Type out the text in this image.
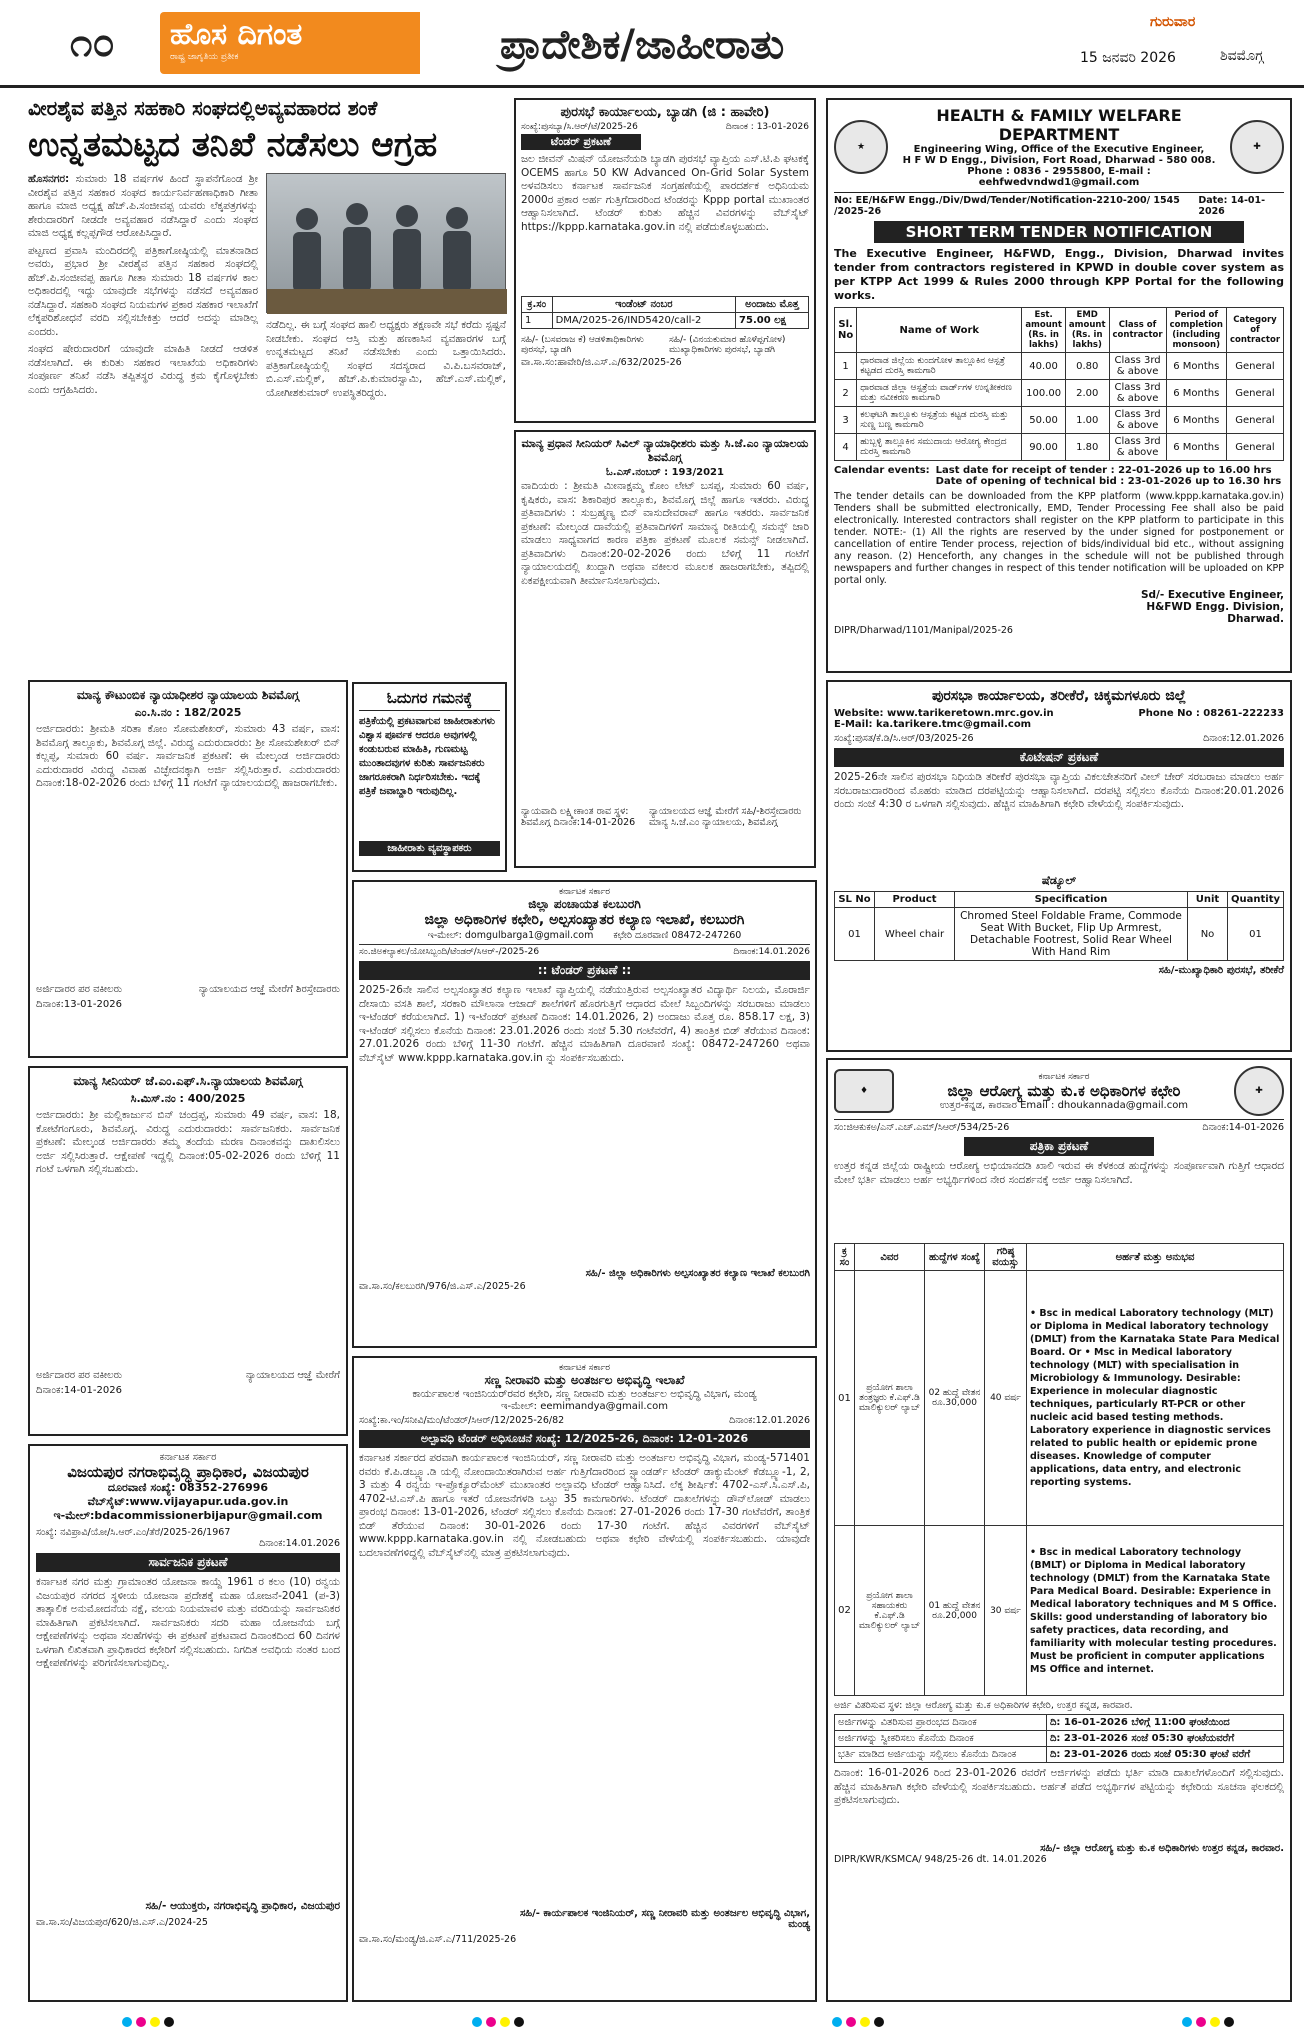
೧೦ ಹೊಸ ದಿಗಂತ
ರಾಷ್ಟ್ರ ಜಾಗೃತಿಯ ಪ್ರತೀಕ	ಪ್ರಾದೇಶಿಕ/ಜಾಹೀರಾತು	ಗುರುವಾರ
15 ಜನವರಿ 2026	ಶಿವಮೊಗ್ಗ
ವೀರಶೈವ ಪತ್ತಿನ ಸಹಕಾರಿ ಸಂಘದಲ್ಲಿಅವ್ಯವಹಾರದ ಶಂಕೆ
ಉನ್ನತಮಟ್ಟದ ತನಿಖೆ ನಡೆಸಲು ಆಗ್ರಹ
ಹೊಸನಗರ: ಸುಮಾರು 18 ವರ್ಷಗಳ ಹಿಂದೆ ಸ್ಥಾಪನೆಗೊಂಡ ಶ್ರೀ ವೀರಶೈವ ಪತ್ತಿನ ಸಹಕಾರ ಸಂಘದ ಕಾರ್ಯನಿರ್ವಹಣಾಧಿಕಾರಿ ಗೀತಾ ಹಾಗೂ ಮಾಜಿ ಅಧ್ಯಕ್ಷ ಹೆಚ್.ಪಿ.ಸಂಜೀವಪ್ಪ ಯವರು ಲೆಕ್ಕಪತ್ರಗಳನ್ನು ಶೇರುದಾರರಿಗೆ ನೀಡದೇ ಅವ್ಯವಹಾರ ನಡೆಸಿದ್ದಾರೆ ಎಂದು ಸಂಘದ ಮಾಜಿ ಅಧ್ಯಕ್ಷ ಕಲ್ಲಪ್ಪಗೌಡ ಆರೋಪಿಸಿದ್ದಾರೆ.

ಪಟ್ಟಣದ ಪ್ರವಾಸಿ ಮಂದಿರದಲ್ಲಿ ಪತ್ರಿಕಾಗೋಷ್ಠಿಯಲ್ಲಿ ಮಾತನಾಡಿದ ಅವರು, ಪ್ರಭಾರ ಶ್ರೀ ವೀರಶೈವ ಪತ್ತಿನ ಸಹಕಾರ ಸಂಘದಲ್ಲಿ ಹೆಚ್.ಪಿ.ಸಂಜೀವಪ್ಪ ಹಾಗೂ ಗೀತಾ ಸುಮಾರು 18 ವರ್ಷಗಳ ಕಾಲ ಅಧಿಕಾರದಲ್ಲಿ ಇದ್ದು ಯಾವುದೇ ಸಭೆಗಳನ್ನು ನಡೆಸದೆ ಅವ್ಯವಹಾರ ನಡೆಸಿದ್ದಾರೆ. ಸಹಕಾರಿ ಸಂಘದ ನಿಯಮಗಳ ಪ್ರಕಾರ ಸಹಕಾರ ಇಲಾಖೆಗೆ ಲೆಕ್ಕಪರಿಶೋಧನೆ ವರದಿ ಸಲ್ಲಿಸಬೇಕಿತ್ತು ಆದರೆ ಅದನ್ನು ಮಾಡಿಲ್ಲ ಎಂದರು.

ಸಂಘದ ಷೇರುದಾರರಿಗೆ ಯಾವುದೇ ಮಾಹಿತಿ ನೀಡದೆ ಆಡಳಿತ ನಡೆಸಲಾಗಿದೆ. ಈ ಕುರಿತು ಸಹಕಾರ ಇಲಾಖೆಯ ಅಧಿಕಾರಿಗಳು ಸಂಪೂರ್ಣ ತನಿಖೆ ನಡೆಸಿ ತಪ್ಪಿತಸ್ಥರ ವಿರುದ್ಧ ಕ್ರಮ ಕೈಗೊಳ್ಳಬೇಕು ಎಂದು ಆಗ್ರಹಿಸಿದರು.

ನಡೆದಿಲ್ಲ. ಈ ಬಗ್ಗೆ ಸಂಘದ ಹಾಲಿ ಅಧ್ಯಕ್ಷರು ತಕ್ಷಣವೇ ಸಭೆ ಕರೆದು ಸ್ಪಷ್ಟನೆ ನೀಡಬೇಕು. ಸಂಘದ ಆಸ್ತಿ ಮತ್ತು ಹಣಕಾಸಿನ ವ್ಯವಹಾರಗಳ ಬಗ್ಗೆ ಉನ್ನತಮಟ್ಟದ ತನಿಖೆ ನಡೆಸಬೇಕು ಎಂದು ಒತ್ತಾಯಿಸಿದರು. ಪತ್ರಿಕಾಗೋಷ್ಠಿಯಲ್ಲಿ ಸಂಘದ ಸದಸ್ಯರಾದ ವಿ.ಪಿ.ಬಸವರಾಜ್, ಬಿ.ಎಸ್.ಮಲ್ಲಿಕ್, ಹೆಚ್.ಪಿ.ಕುಮಾರಸ್ವಾಮಿ, ಹೆಚ್.ಎಸ್.ಮಲ್ಲಿಕ್, ಯೋಗೀಶಕುಮಾರ್ ಉಪಸ್ಥಿತರಿದ್ದರು.
ಮಾನ್ಯ ಕೌಟುಂಬಿಕ ನ್ಯಾಯಾಧೀಶರ ನ್ಯಾಯಾಲಯ ಶಿವಮೊಗ್ಗ
ಎಂ.ಸಿ.ನಂ : 182/2025
ಅರ್ಜಿದಾರರು: ಶ್ರೀಮತಿ ಸರಿತಾ ಕೋಂ ಸೋಮಶೇಖರ್, ಸುಮಾರು 43 ವರ್ಷ, ವಾಸ: ಶಿವಮೊಗ್ಗ ತಾಲ್ಲೂಕು, ಶಿವಮೊಗ್ಗ ಜಿಲ್ಲೆ. ವಿರುದ್ಧ ಎದುರುದಾರರು: ಶ್ರೀ ಸೋಮಶೇಖರ್ ಬಿನ್ ಕಲ್ಲಪ್ಪ, ಸುಮಾರು 60 ವರ್ಷ. ಸಾರ್ವಜನಿಕ ಪ್ರಕಟಣೆ: ಈ ಮೇಲ್ಕಂಡ ಅರ್ಜಿದಾರರು ಎದುರುದಾರರ ವಿರುದ್ಧ ವಿವಾಹ ವಿಚ್ಛೇದನಕ್ಕಾಗಿ ಅರ್ಜಿ ಸಲ್ಲಿಸಿರುತ್ತಾರೆ. ಎದುರುದಾರರು ದಿನಾಂಕ:18-02-2026 ರಂದು ಬೆಳಿಗ್ಗೆ 11 ಗಂಟೆಗೆ ನ್ಯಾಯಾಲಯದಲ್ಲಿ ಹಾಜರಾಗಬೇಕು.
ಅರ್ಜಿದಾರರ ಪರ ವಕೀಲರು	ನ್ಯಾಯಾಲಯದ ಆಜ್ಞೆ ಮೇರೆಗೆ ಶಿರಸ್ತೇದಾರರು
ದಿನಾಂಕ:13-01-2026
ಮಾನ್ಯ ಸೀನಿಯರ್ ಜೆ.ಎಂ.ಎಫ್.ಸಿ.ನ್ಯಾಯಾಲಯ ಶಿವಮೊಗ್ಗ
ಸಿ.ಮಿಸ್.ನಂ : 400/2025
ಅರ್ಜಿದಾರರು: ಶ್ರೀ ಮಲ್ಲಿಕಾರ್ಜುನ ಬಿನ್ ಚಂದ್ರಪ್ಪ, ಸುಮಾರು 49 ವರ್ಷ, ವಾಸ: 18, ಕೋಟೆಗಂಗೂರು, ಶಿವಮೊಗ್ಗ. ವಿರುದ್ಧ ಎದುರುದಾರರು: ಸಾರ್ವಜನಿಕರು. ಸಾರ್ವಜನಿಕ ಪ್ರಕಟಣೆ: ಮೇಲ್ಕಂಡ ಅರ್ಜಿದಾರರು ತಮ್ಮ ತಂದೆಯ ಮರಣ ದಿನಾಂಕವನ್ನು ದಾಖಲಿಸಲು ಅರ್ಜಿ ಸಲ್ಲಿಸಿರುತ್ತಾರೆ. ಆಕ್ಷೇಪಣೆ ಇದ್ದಲ್ಲಿ ದಿನಾಂಕ:05-02-2026 ರಂದು ಬೆಳಿಗ್ಗೆ 11 ಗಂಟೆ ಒಳಗಾಗಿ ಸಲ್ಲಿಸಬಹುದು.
ಅರ್ಜಿದಾರರ ಪರ ವಕೀಲರು	ನ್ಯಾಯಾಲಯದ ಆಜ್ಞೆ ಮೇರೆಗೆ
ದಿನಾಂಕ:14-01-2026
ಕರ್ನಾಟಕ ಸರ್ಕಾರ
ವಿಜಯಪುರ ನಗರಾಭಿವೃದ್ಧಿ ಪ್ರಾಧಿಕಾರ, ವಿಜಯಪುರ
ದೂರವಾಣಿ ಸಂಖ್ಯೆ: 08352-276996
ವೆಬ್‌ಸೈಟ್:www.vijayapur.uda.gov.in
ಇ-ಮೇಲ್:bdacommissionerbijapur@gmail.com
ಸಂಖ್ಯೆ: ನವಿಪ್ರಾವಿ/ಯೋ/ಸಿ.ಆರ್.ಎಂ/ತೆರೆ/2025-26/1967
ದಿನಾಂಕ:14.01.2026
ಸಾರ್ವಜನಿಕ ಪ್ರಕಟಣೆ
ಕರ್ನಾಟಕ ನಗರ ಮತ್ತು ಗ್ರಾಮಾಂತರ ಯೋಜನಾ ಕಾಯ್ದೆ 1961 ರ ಕಲಂ (10) ರನ್ವಯ ವಿಜಯಪುರ ನಗರದ ಸ್ಥಳೀಯ ಯೋಜನಾ ಪ್ರದೇಶಕ್ಕೆ ಮಹಾ ಯೋಜನೆ-2041 (ಪ-3) ತಾತ್ಕಾಲಿಕ ಅನುಮೋದನೆಯ ನಕ್ಷೆ, ವಲಯ ನಿಯಮಾವಳಿ ಮತ್ತು ವರದಿಯನ್ನು ಸಾರ್ವಜನಿಕರ ಮಾಹಿತಿಗಾಗಿ ಪ್ರಕಟಿಸಲಾಗಿದೆ. ಸಾರ್ವಜನಿಕರು ಸದರಿ ಮಹಾ ಯೋಜನೆಯ ಬಗ್ಗೆ ಆಕ್ಷೇಪಣೆಗಳನ್ನು ಅಥವಾ ಸಲಹೆಗಳನ್ನು ಈ ಪ್ರಕಟಣೆ ಪ್ರಕಟವಾದ ದಿನಾಂಕದಿಂದ 60 ದಿನಗಳ ಒಳಗಾಗಿ ಲಿಖಿತವಾಗಿ ಪ್ರಾಧಿಕಾರದ ಕಛೇರಿಗೆ ಸಲ್ಲಿಸಬಹುದು. ನಿಗದಿತ ಅವಧಿಯ ನಂತರ ಬಂದ ಆಕ್ಷೇಪಣೆಗಳನ್ನು ಪರಿಗಣಿಸಲಾಗುವುದಿಲ್ಲ.
ಸಹಿ/- ಆಯುಕ್ತರು, ನಗರಾಭಿವೃದ್ಧಿ ಪ್ರಾಧಿಕಾರ, ವಿಜಯಪುರ
ವಾ.ಸಾ.ಸಂ/ವಿಜಯಪುರ/620/ಜಿ.ಎಸ್.ಎ/2024-25
ಪುರಸಭೆ ಕಾರ್ಯಾಲಯ, ಬ್ಯಾಡಗಿ (ಜಿ : ಹಾವೇರಿ)
ಸಂಖ್ಯೆ:ಪುಸಬ್ಯಾ/ಸಿ.ಆರ್/ಟೆ/2025-26	ದಿನಾಂಕ : 13-01-2026
ಟೆಂಡರ್ ಪ್ರಕಟಣೆ
ಜಲ ಜೀವನ್ ಮಿಷನ್ ಯೋಜನೆಯಡಿ ಬ್ಯಾಡಗಿ ಪುರಸಭೆ ವ್ಯಾಪ್ತಿಯ ಎಸ್.ಟಿ.ಪಿ ಘಟಕಕ್ಕೆ OCEMS ಹಾಗೂ 50 KW Advanced On-Grid Solar System ಅಳವಡಿಸಲು ಕರ್ನಾಟಕ ಸಾರ್ವಜನಿಕ ಸಂಗ್ರಹಣೆಯಲ್ಲಿ ಪಾರದರ್ಶಕ ಅಧಿನಿಯಮ 2000ರ ಪ್ರಕಾರ ಅರ್ಹ ಗುತ್ತಿಗೆದಾರರಿಂದ ಟೆಂಡರನ್ನು Kppp portal ಮುಖಾಂತರ ಆಹ್ವಾನಿಸಲಾಗಿದೆ. ಟೆಂಡರ್ ಕುರಿತು ಹೆಚ್ಚಿನ ವಿವರಗಳನ್ನು ವೆಬ್‌ಸೈಟ್ https://kppp.karnataka.gov.in ನಲ್ಲಿ ಪಡೆದುಕೊಳ್ಳಬಹುದು.
ಕ್ರ.ಸಂ	ಇಂಡೆಂಟ್ ನಂಬರ	ಅಂದಾಜು ಮೊತ್ತ
1	DMA/2025-26/IND5420/call-2	75.00 ಲಕ್ಷ
ಸಹಿ/- (ಬಸವರಾಜ ಕೆ) ಆಡಳಿತಾಧಿಕಾರಿಗಳು ಪುರಸಭೆ, ಬ್ಯಾಡಗಿ
ಸಹಿ/- (ವಿನಯಕುಮಾರ ಹೊಳೆಪ್ಪಗೋಳ) ಮುಖ್ಯಾಧಿಕಾರಿಗಳು ಪುರಸಭೆ, ಬ್ಯಾಡಗಿ
ವಾ.ಸಾ.ಸಂ:ಹಾವೇರಿ/ಜಿ.ಎಸ್.ಎ/632/2025-26
ಮಾನ್ಯ ಪ್ರಧಾನ ಸೀನಿಯರ್ ಸಿವಿಲ್ ನ್ಯಾಯಾಧೀಶರು ಮತ್ತು ಸಿ.ಜೆ.ಎಂ ನ್ಯಾಯಾಲಯ ಶಿವಮೊಗ್ಗ
ಓ.ಎಸ್.ನಂಬರ್ : 193/2021
ವಾದಿಯರು : ಶ್ರೀಮತಿ ಮೀನಾಕ್ಷಮ್ಮ ಕೋಂ ಲೇಟ್ ಬಸಪ್ಪ, ಸುಮಾರು 60 ವರ್ಷ, ಕೃಷಿಕರು, ವಾಸ: ಶಿಕಾರಿಪುರ ತಾಲ್ಲೂಕು, ಶಿವಮೊಗ್ಗ ಜಿಲ್ಲೆ ಹಾಗೂ ಇತರರು. ವಿರುದ್ಧ ಪ್ರತಿವಾದಿಗಳು : ಸುಬ್ರಹ್ಮಣ್ಯ ಬಿನ್ ವಾಸುದೇವರಾವ್ ಹಾಗೂ ಇತರರು. ಸಾರ್ವಜನಿಕ ಪ್ರಕಟಣೆ: ಮೇಲ್ಕಂಡ ದಾವೆಯಲ್ಲಿ ಪ್ರತಿವಾದಿಗಳಿಗೆ ಸಾಮಾನ್ಯ ರೀತಿಯಲ್ಲಿ ಸಮನ್ಸ್ ಜಾರಿ ಮಾಡಲು ಸಾಧ್ಯವಾಗದ ಕಾರಣ ಪತ್ರಿಕಾ ಪ್ರಕಟಣೆ ಮೂಲಕ ಸಮನ್ಸ್ ನೀಡಲಾಗಿದೆ. ಪ್ರತಿವಾದಿಗಳು ದಿನಾಂಕ:20-02-2026 ರಂದು ಬೆಳಿಗ್ಗೆ 11 ಗಂಟೆಗೆ ನ್ಯಾಯಾಲಯದಲ್ಲಿ ಖುದ್ದಾಗಿ ಅಥವಾ ವಕೀಲರ ಮೂಲಕ ಹಾಜರಾಗಬೇಕು, ತಪ್ಪಿದಲ್ಲಿ ಏಕಪಕ್ಷೀಯವಾಗಿ ತೀರ್ಮಾನಿಸಲಾಗುವುದು.
ನ್ಯಾಯವಾದಿ ಲಕ್ಷ್ಮೀಕಾಂತ ರಾವ ಸ್ಥಳ: ಶಿವಮೊಗ್ಗ ದಿನಾಂಕ:14-01-2026
ನ್ಯಾಯಾಲಯದ ಆಜ್ಞೆ ಮೇರೆಗೆ ಸಹಿ/-ಶಿರಸ್ತೇದಾರರು ಮಾನ್ಯ ಸಿ.ಜೆ.ಎಂ ನ್ಯಾಯಾಲಯ, ಶಿವಮೊಗ್ಗ
ಓದುಗರ ಗಮನಕ್ಕೆ
ಪತ್ರಿಕೆಯಲ್ಲಿ ಪ್ರಕಟವಾಗುವ ಜಾಹೀರಾತುಗಳು ವಿಶ್ವಾಸ ಪೂರ್ವಕ ಆದರೂ ಅವುಗಳಲ್ಲಿ ಕಂಡುಬರುವ ಮಾಹಿತಿ, ಗುಣಮಟ್ಟ ಮುಂತಾದವುಗಳ ಕುರಿತು ಸಾರ್ವಜನಿಕರು ಜಾಗರೂಕರಾಗಿ ನಿರ್ಧರಿಸಬೇಕು. ಇದಕ್ಕೆ ಪತ್ರಿಕೆ ಜವಾಬ್ದಾರಿ ಇರುವುದಿಲ್ಲ.
ಜಾಹೀರಾತು ವ್ಯವಸ್ಥಾಪಕರು
ಕರ್ನಾಟಕ ಸರ್ಕಾರ
ಜಿಲ್ಲಾ ಪಂಚಾಯತ ಕಲಬುರಗಿ
ಜಿಲ್ಲಾ ಅಧಿಕಾರಿಗಳ ಕಛೇರಿ, ಅಲ್ಪಸಂಖ್ಯಾತರ ಕಲ್ಯಾಣ ಇಲಾಖೆ, ಕಲಬುರಗಿ
ಇ-ಮೇಲ್: domgulbarga1@gmail.com ಕಛೇರಿ ದೂರವಾಣಿ 08472-247260
ಸಂ.ಜಿಅಕಲ್ಯಾಕಲ/ಯೋಸಿಬ್ಬಂದಿ/ಟೆಂಡರ್/ಸಿಆರ್-/2025-26	ದಿನಾಂಕ:14.01.2026
:: ಟೆಂಡರ್ ಪ್ರಕಟಣೆ ::
2025-26ನೇ ಸಾಲಿನ ಅಲ್ಪಸಂಖ್ಯಾತರ ಕಲ್ಯಾಣ ಇಲಾಖೆ ವ್ಯಾಪ್ತಿಯಲ್ಲಿ ನಡೆಯುತ್ತಿರುವ ಅಲ್ಪಸಂಖ್ಯಾತರ ವಿದ್ಯಾರ್ಥಿ ನಿಲಯ, ಮೊರಾರ್ಜಿ ದೇಸಾಯಿ ವಸತಿ ಶಾಲೆ, ಸರಕಾರಿ ಮೌಲಾನಾ ಆಜಾದ್ ಶಾಲೆಗಳಿಗೆ ಹೊರಗುತ್ತಿಗೆ ಆಧಾರದ ಮೇಲೆ ಸಿಬ್ಬಂದಿಗಳನ್ನು ಸರಬರಾಜು ಮಾಡಲು ಇ-ಟೆಂಡರ್ ಕರೆಯಲಾಗಿದೆ. 1) ಇ-ಟೆಂಡರ್ ಪ್ರಕಟಣೆ ದಿನಾಂಕ: 14.01.2026, 2) ಅಂದಾಜು ಮೊತ್ತ ರೂ. 858.17 ಲಕ್ಷ, 3) ಇ-ಟೆಂಡರ್ ಸಲ್ಲಿಸಲು ಕೊನೆಯ ದಿನಾಂಕ: 23.01.2026 ರಂದು ಸಂಜೆ 5.30 ಗಂಟೆವರೆಗೆ, 4) ತಾಂತ್ರಿಕ ಬಿಡ್ ತೆರೆಯುವ ದಿನಾಂಕ: 27.01.2026 ರಂದು ಬೆಳಿಗ್ಗೆ 11-30 ಗಂಟೆಗೆ. ಹೆಚ್ಚಿನ ಮಾಹಿತಿಗಾಗಿ ದೂರವಾಣಿ ಸಂಖ್ಯೆ: 08472-247260 ಅಥವಾ ವೆಬ್‌ಸೈಟ್ www.kppp.karnataka.gov.in ನ್ನು ಸಂಪರ್ಕಿಸಬಹುದು.
ಸಹಿ/- ಜಿಲ್ಲಾ ಅಧಿಕಾರಿಗಳು ಅಲ್ಪಸಂಖ್ಯಾತರ ಕಲ್ಯಾಣ ಇಲಾಖೆ ಕಲಬುರಗಿ
ವಾ.ಸಾ.ಸಂ/ಕಲಬುರಗಿ/976/ಜಿ.ಎಸ್.ಎ/2025-26
ಕರ್ನಾಟಕ ಸರ್ಕಾರ
ಸಣ್ಣ ನೀರಾವರಿ ಮತ್ತು ಅಂತರ್ಜಲ ಅಭಿವೃದ್ಧಿ ಇಲಾಖೆ
ಕಾರ್ಯಪಾಲಕ ಇಂಜಿನಿಯರ್‌ರವರ ಕಛೇರಿ, ಸಣ್ಣ ನೀರಾವರಿ ಮತ್ತು ಅಂತರ್ಜಲ ಅಭಿವೃದ್ಧಿ ವಿಭಾಗ, ಮಂಡ್ಯ
ಇ-ಮೇಲ್: eemimandya@gmail.com
ಸಂಖ್ಯೆ:ಕಾ.ಇಂ/ಸನೀವಿ/ಮಂ/ಟೆಂಡರ್/ಸಿಆರ್/12/2025-26/82	ದಿನಾಂಕ:12.01.2026
ಅಲ್ಪಾವಧಿ ಟೆಂಡರ್ ಅಧಿಸೂಚನೆ ಸಂಖ್ಯೆ: 12/2025-26, ದಿನಾಂಕ: 12-01-2026
ಕರ್ನಾಟಕ ಸರ್ಕಾರದ ಪರವಾಗಿ ಕಾರ್ಯಪಾಲಕ ಇಂಜಿನಿಯರ್, ಸಣ್ಣ ನೀರಾವರಿ ಮತ್ತು ಅಂತರ್ಜಲ ಅಭಿವೃದ್ಧಿ ವಿಭಾಗ, ಮಂಡ್ಯ-571401 ರವರು ಕೆ.ಪಿ.ಡಬ್ಲ್ಯೂ.ಡಿ ಯಲ್ಲಿ ನೋಂದಾಯಿತರಾಗಿರುವ ಅರ್ಹ ಗುತ್ತಿಗೆದಾರರಿಂದ ಸ್ಟ್ಯಾಂಡರ್ಡ್ ಟೆಂಡರ್ ಡಾಕ್ಯುಮೆಂಟ್ ಕೆಡಬ್ಲ್ಯೂ-1, 2, 3 ಮತ್ತು 4 ರನ್ವಯ ಇ-ಪ್ರೊಕ್ಯೂರ್‌ಮೆಂಟ್ ಮುಖಾಂತರ ಅಲ್ಪಾವಧಿ ಟೆಂಡರ್ ಆಹ್ವಾನಿಸಿದೆ. ಲೆಕ್ಕ ಶೀರ್ಷಿಕೆ: 4702-ಎಸ್.ಸಿ.ಎಸ್.ಪಿ, 4702-ಟಿ.ಎಸ್.ಪಿ ಹಾಗೂ ಇತರೆ ಯೋಜನೆಗಳಡಿ ಒಟ್ಟು 35 ಕಾಮಗಾರಿಗಳು. ಟೆಂಡರ್ ದಾಖಲೆಗಳನ್ನು ಡೌನ್‌ಲೋಡ್ ಮಾಡಲು ಪ್ರಾರಂಭ ದಿನಾಂಕ: 13-01-2026, ಟೆಂಡರ್ ಸಲ್ಲಿಸಲು ಕೊನೆಯ ದಿನಾಂಕ: 27-01-2026 ರಂದು 17-30 ಗಂಟೆವರೆಗೆ, ತಾಂತ್ರಿಕ ಬಿಡ್ ತೆರೆಯುವ ದಿನಾಂಕ: 30-01-2026 ರಂದು 17-30 ಗಂಟೆಗೆ. ಹೆಚ್ಚಿನ ವಿವರಗಳಿಗೆ ವೆಬ್‌ಸೈಟ್ www.kppp.karnataka.gov.in ನಲ್ಲಿ ನೋಡಬಹುದು ಅಥವಾ ಕಛೇರಿ ವೇಳೆಯಲ್ಲಿ ಸಂಪರ್ಕಿಸಬಹುದು. ಯಾವುದೇ ಬದಲಾವಣೆಗಳಿದ್ದಲ್ಲಿ ವೆಬ್‌ಸೈಟ್‌ನಲ್ಲಿ ಮಾತ್ರ ಪ್ರಕಟಿಸಲಾಗುವುದು.
ಸಹಿ/- ಕಾರ್ಯಪಾಲಕ ಇಂಜಿನಿಯರ್, ಸಣ್ಣ ನೀರಾವರಿ ಮತ್ತು ಅಂತರ್ಜಲ ಅಭಿವೃದ್ಧಿ ವಿಭಾಗ, ಮಂಡ್ಯ
ವಾ.ಸಾ.ಸಂ/ಮಂಡ್ಯ/ಜಿ.ಎಸ್.ಎ/711/2025-26
★
HEALTH & FAMILY WELFARE DEPARTMENT
Engineering Wing, Office of the Executive Engineer,
H F W D Engg., Division, Fort Road, Dharwad - 580 008.
Phone : 0836 - 2955800, E-mail : eehfwedvndwd1@gmail.com
✚
No: EE/H&FW Engg./Div/Dwd/Tender/Notification-2210-200/ 1545 /2025-26
Date: 14-01-2026
SHORT TERM TENDER NOTIFICATION
The Executive Engineer, H&FWD, Engg., Division, Dharwad invites tender from contractors registered in KPWD in double cover system as per KTPP Act 1999 & Rules 2000 through KPP Portal for the following works.
Sl. No	Name of Work	Est. amount (Rs. in lakhs)	EMD amount (Rs. in lakhs)	Class of contractor	Period of completion (including monsoon)	Category of contractor
1	ಧಾರವಾಡ ಜಿಲ್ಲೆಯ ಕುಂದಗೋಳ ತಾಲ್ಲೂಕಿನ ಆಸ್ಪತ್ರೆ ಕಟ್ಟಡದ ದುರಸ್ತಿ ಕಾಮಗಾರಿ	40.00	0.80	Class 3rd & above	6 Months	General
2	ಧಾರವಾಡ ಜಿಲ್ಲಾ ಆಸ್ಪತ್ರೆಯ ವಾರ್ಡ್‌ಗಳ ಉನ್ನತೀಕರಣ ಮತ್ತು ನವೀಕರಣ ಕಾಮಗಾರಿ	100.00	2.00	Class 3rd & above	6 Months	General
3	ಕಲಘಟಗಿ ತಾಲ್ಲೂಕು ಆಸ್ಪತ್ರೆಯ ಕಟ್ಟಡ ದುರಸ್ತಿ ಮತ್ತು ಸುಣ್ಣ ಬಣ್ಣ ಕಾಮಗಾರಿ	50.00	1.00	Class 3rd & above	6 Months	General
4	ಹುಬ್ಬಳ್ಳಿ ತಾಲ್ಲೂಕಿನ ಸಮುದಾಯ ಆರೋಗ್ಯ ಕೇಂದ್ರದ ದುರಸ್ತಿ ಕಾಮಗಾರಿ	90.00	1.80	Class 3rd & above	6 Months	General
Calendar events: Last date for receipt of tender : 22-01-2026 up to 16.00 hrs
Date of opening of technical bid : 23-01-2026 up to 16.30 hrs
The tender details can be downloaded from the KPP platform (www.kppp.karnataka.gov.in) Tenders shall be submitted electronically, EMD, Tender Processing Fee shall also be paid electronically. Interested contractors shall register on the KPP platform to participate in this tender. NOTE:- (1) All the rights are reserved by the under signed for postponement or cancellation of entire Tender process, rejection of bids/individual bid etc., without assigning any reason. (2) Henceforth, any changes in the schedule will not be published through newspapers and further changes in respect of this tender notification will be uploaded on KPP portal only.
Sd/- Executive Engineer, H&FWD Engg. Division, Dharwad.
DIPR/Dharwad/1101/Manipal/2025-26
ಪುರಸಭಾ ಕಾರ್ಯಾಲಯ, ತರೀಕೆರೆ, ಚಿಕ್ಕಮಗಳೂರು ಜಿಲ್ಲೆ
Website: www.tarikeretown.mrc.gov.in	Phone No : 08261-222233
E-Mail: ka.tarikere.tmc@gmail.com
ಸಂಖ್ಯೆ:ಪುಸತ/ಕೆ.ಡಿ/ಸಿ.ಆರ್/03/2025-26	ದಿನಾಂಕ:12.01.2026
ಕೊಟೇಷನ್ ಪ್ರಕಟಣೆ
2025-26ನೇ ಸಾಲಿನ ಪುರಸಭಾ ನಿಧಿಯಡಿ ತರೀಕೆರೆ ಪುರಸಭಾ ವ್ಯಾಪ್ತಿಯ ವಿಕಲಚೇತನರಿಗೆ ವೀಲ್ ಚೇರ್ ಸರಬರಾಜು ಮಾಡಲು ಅರ್ಹ ಸರಬರಾಜುದಾರರಿಂದ ಮೊಹರು ಮಾಡಿದ ದರಪಟ್ಟಿಯನ್ನು ಆಹ್ವಾನಿಸಲಾಗಿದೆ. ದರಪಟ್ಟಿ ಸಲ್ಲಿಸಲು ಕೊನೆಯ ದಿನಾಂಕ:20.01.2026 ರಂದು ಸಂಜೆ 4:30 ರ ಒಳಗಾಗಿ ಸಲ್ಲಿಸುವುದು. ಹೆಚ್ಚಿನ ಮಾಹಿತಿಗಾಗಿ ಕಛೇರಿ ವೇಳೆಯಲ್ಲಿ ಸಂಪರ್ಕಿಸುವುದು.
ಷೆಡ್ಯೂಲ್
SL No	Product	Specification	Unit	Quantity
01	Wheel chair	Chromed Steel Foldable Frame, Commode Seat With Bucket, Flip Up Armrest, Detachable Footrest, Solid Rear Wheel With Hand Rim	No	01
ಸಹಿ/-ಮುಖ್ಯಾಧಿಕಾರಿ ಪುರಸಭೆ, ತರೀಕೆರೆ
♦
ಕರ್ನಾಟಕ ಸರ್ಕಾರ
ಜಿಲ್ಲಾ ಆರೋಗ್ಯ ಮತ್ತು ಕು.ಕ ಅಧಿಕಾರಿಗಳ ಕಛೇರಿ
ಉತ್ತರ-ಕನ್ನಡ, ಕಾರವಾರ Email : dhoukannada@gmail.com
✚
ಸಂ:ಜಿಆಕುಕಅ/ಎನ್.ಎಚ್.ಎಮ್/ಸಿಆರ್/534/25-26	ದಿನಾಂಕ:14-01-2026
ಪತ್ರಿಕಾ ಪ್ರಕಟಣೆ
ಉತ್ತರ ಕನ್ನಡ ಜಿಲ್ಲೆಯ ರಾಷ್ಟ್ರೀಯ ಆರೋಗ್ಯ ಅಭಿಯಾನದಡಿ ಖಾಲಿ ಇರುವ ಈ ಕೆಳಕಂಡ ಹುದ್ದೆಗಳನ್ನು ಸಂಪೂರ್ಣವಾಗಿ ಗುತ್ತಿಗೆ ಆಧಾರದ ಮೇಲೆ ಭರ್ತಿ ಮಾಡಲು ಅರ್ಹ ಅಭ್ಯರ್ಥಿಗಳಿಂದ ನೇರ ಸಂದರ್ಶನಕ್ಕೆ ಅರ್ಜಿ ಆಹ್ವಾನಿಸಲಾಗಿದೆ.
ಕ್ರ ಸಂ	ವಿವರ	ಹುದ್ದೆಗಳ ಸಂಖ್ಯೆ	ಗರಿಷ್ಠ ವಯಸ್ಸು	ಅರ್ಹತೆ ಮತ್ತು ಅನುಭವ
01	ಪ್ರಯೋಗ ಶಾಲಾ ತಂತ್ರಜ್ಞರು ಕೆ.ಎಫ್.ಡಿ ಮಾಲಿಕ್ಯುಲರ್ ಲ್ಯಾಬ್	02 ಹುದ್ದೆ ವೇತನ ರೂ.30,000	40 ವರ್ಷ	• Bsc in medical Laboratory technology (MLT) or Diploma in Medical laboratory technology (DMLT) from the Karnataka State Para Medical Board. Or • Msc in Medical laboratory technology (MLT) with specialisation in Microbiology & Immunology. Desirable: Experience in molecular diagnostic techniques, particularly RT-PCR or other nucleic acid based testing methods. Laboratory experience in diagnostic services related to public health or epidemic prone diseases. Knowledge of computer applications, data entry, and electronic reporting systems.
02	ಪ್ರಯೋಗ ಶಾಲಾ ಸಹಾಯಕರು ಕೆ.ಎಫ್.ಡಿ ಮಾಲಿಕ್ಯುಲರ್ ಲ್ಯಾಬ್	01 ಹುದ್ದೆ ವೇತನ ರೂ.20,000	30 ವರ್ಷ	• Bsc in medical Laboratory technology (BMLT) or Diploma in Medical laboratory technology (DMLT) from the Karnataka State Para Medical Board. Desirable: Experience in Medical laboratory techniques and M S Office. Skills: good understanding of laboratory bio safety practices, data recording, and familiarity with molecular testing procedures. Must be proficient in computer applications MS Office and internet.
ಅರ್ಜಿ ವಿತರಿಸುವ ಸ್ಥಳ: ಜಿಲ್ಲಾ ಆರೋಗ್ಯ ಮತ್ತು ಕು.ಕ ಅಧಿಕಾರಿಗಳ ಕಛೇರಿ, ಉತ್ತರ ಕನ್ನಡ, ಕಾರವಾರ.
ಅರ್ಜಿಗಳನ್ನು ವಿತರಿಸುವ ಪ್ರಾರಂಭದ ದಿನಾಂಕ	ದಿ: 16-01-2026 ಬೆಳಿಗ್ಗೆ 11:00 ಘಂಟೆಯಿಂದ
ಅರ್ಜಿಗಳನ್ನು ಸ್ವೀಕರಿಸಲು ಕೊನೆಯ ದಿನಾಂಕ	ದಿ: 23-01-2026 ಸಂಜೆ 05:30 ಘಂಟೆಯವರೆಗೆ
ಭರ್ತಿ ಮಾಡಿದ ಅರ್ಜಿಯನ್ನು ಸಲ್ಲಿಸಲು ಕೊನೆಯ ದಿನಾಂಕ	ದಿ: 23-01-2026 ರಂದು ಸಂಜೆ 05:30 ಘಂಟೆ ವರೆಗೆ
ದಿನಾಂಕ: 16-01-2026 ರಿಂದ 23-01-2026 ರವರೆಗೆ ಅರ್ಜಿಗಳನ್ನು ಪಡೆದು ಭರ್ತಿ ಮಾಡಿ ದಾಖಲೆಗಳೊಂದಿಗೆ ಸಲ್ಲಿಸುವುದು. ಹೆಚ್ಚಿನ ಮಾಹಿತಿಗಾಗಿ ಕಛೇರಿ ವೇಳೆಯಲ್ಲಿ ಸಂಪರ್ಕಿಸಬಹುದು. ಅರ್ಹತೆ ಪಡೆದ ಅಭ್ಯರ್ಥಿಗಳ ಪಟ್ಟಿಯನ್ನು ಕಛೇರಿಯ ಸೂಚನಾ ಫಲಕದಲ್ಲಿ ಪ್ರಕಟಿಸಲಾಗುವುದು.
ಸಹಿ/- ಜಿಲ್ಲಾ ಆರೋಗ್ಯ ಮತ್ತು ಕು.ಕ ಅಧಿಕಾರಿಗಳು ಉತ್ತರ ಕನ್ನಡ, ಕಾರವಾರ.
DIPR/KWR/KSMCA/ 948/25-26 dt. 14.01.2026
